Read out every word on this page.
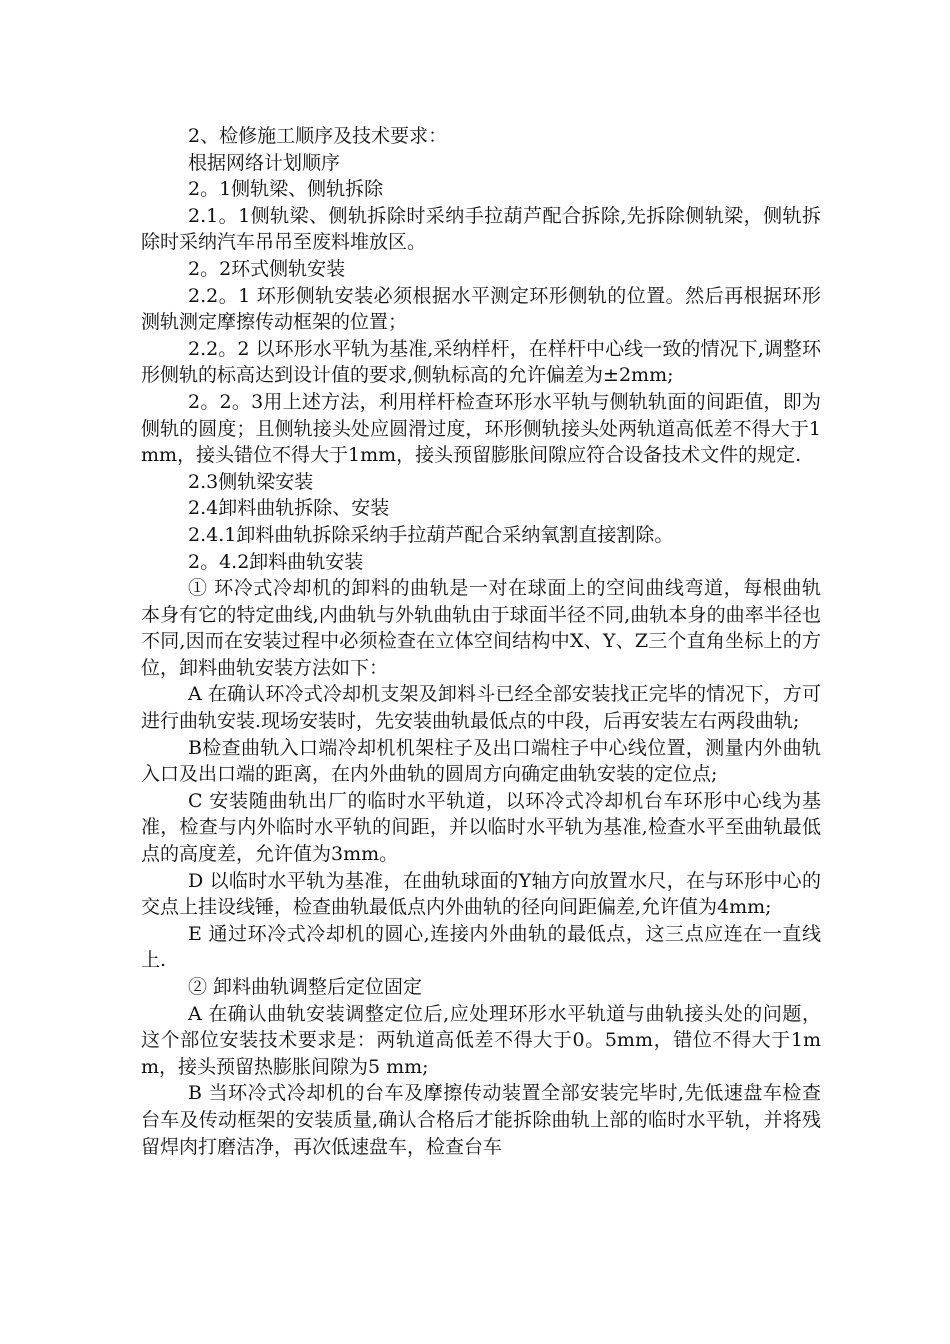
2、检修施工顺序及技术要求：

根据网络计划顺序

2。1侧轨梁、侧轨拆除

2.1。1侧轨梁、侧轨拆除时采纳手拉葫芦配合拆除,先拆除侧轨梁，侧轨拆除时采纳汽车吊吊至废料堆放区。

2。2环式侧轨安装

2.2。1 环形侧轨安装必须根据水平测定环形侧轨的位置。然后再根据环形测轨测定摩擦传动框架的位置；

2.2。2 以环形水平轨为基准,采纳样杆，在样杆中心线一致的情况下,调整环形侧轨的标高达到设计值的要求,侧轨标高的允许偏差为±2mm;

2。2。3用上述方法，利用样杆检查环形水平轨与侧轨轨面的间距值，即为侧轨的圆度；且侧轨接头处应圆滑过度，环形侧轨接头处两轨道高低差不得大于1mm，接头错位不得大于1mm，接头预留膨胀间隙应符合设备技术文件的规定.

2.3侧轨梁安装

2.4卸料曲轨拆除、安装

2.4.1卸料曲轨拆除采纳手拉葫芦配合采纳氧割直接割除。

2。4.2卸料曲轨安装

① 环冷式冷却机的卸料的曲轨是一对在球面上的空间曲线弯道，每根曲轨本身有它的特定曲线,内曲轨与外轨曲轨由于球面半径不同,曲轨本身的曲率半径也不同,因而在安装过程中必须检查在立体空间结构中X、Y、Z三个直角坐标上的方位，卸料曲轨安装方法如下：

A 在确认环冷式冷却机支架及卸料斗已经全部安装找正完毕的情况下，方可进行曲轨安装.现场安装时，先安装曲轨最低点的中段，后再安装左右两段曲轨;

B检查曲轨入口端冷却机机架柱子及出口端柱子中心线位置，测量内外曲轨入口及出口端的距离，在内外曲轨的圆周方向确定曲轨安装的定位点;

C 安装随曲轨出厂的临时水平轨道，以环冷式冷却机台车环形中心线为基准，检查与内外临时水平轨的间距，并以临时水平轨为基准,检查水平至曲轨最低点的高度差，允许值为3mm。

D 以临时水平轨为基准，在曲轨球面的Y轴方向放置水尺，在与环形中心的交点上挂设线锤，检查曲轨最低点内外曲轨的径向间距偏差,允许值为4mm;

E 通过环冷式冷却机的圆心,连接内外曲轨的最低点，这三点应连在一直线上.

② 卸料曲轨调整后定位固定

A 在确认曲轨安装调整定位后,应处理环形水平轨道与曲轨接头处的问题，这个部位安装技术要求是：两轨道高低差不得大于0。5mm，错位不得大于1mm，接头预留热膨胀间隙为5 mm;

B 当环冷式冷却机的台车及摩擦传动装置全部安装完毕时,先低速盘车检查台车及传动框架的安装质量,确认合格后才能拆除曲轨上部的临时水平轨，并将残留焊肉打磨洁净，再次低速盘车，检查台车
